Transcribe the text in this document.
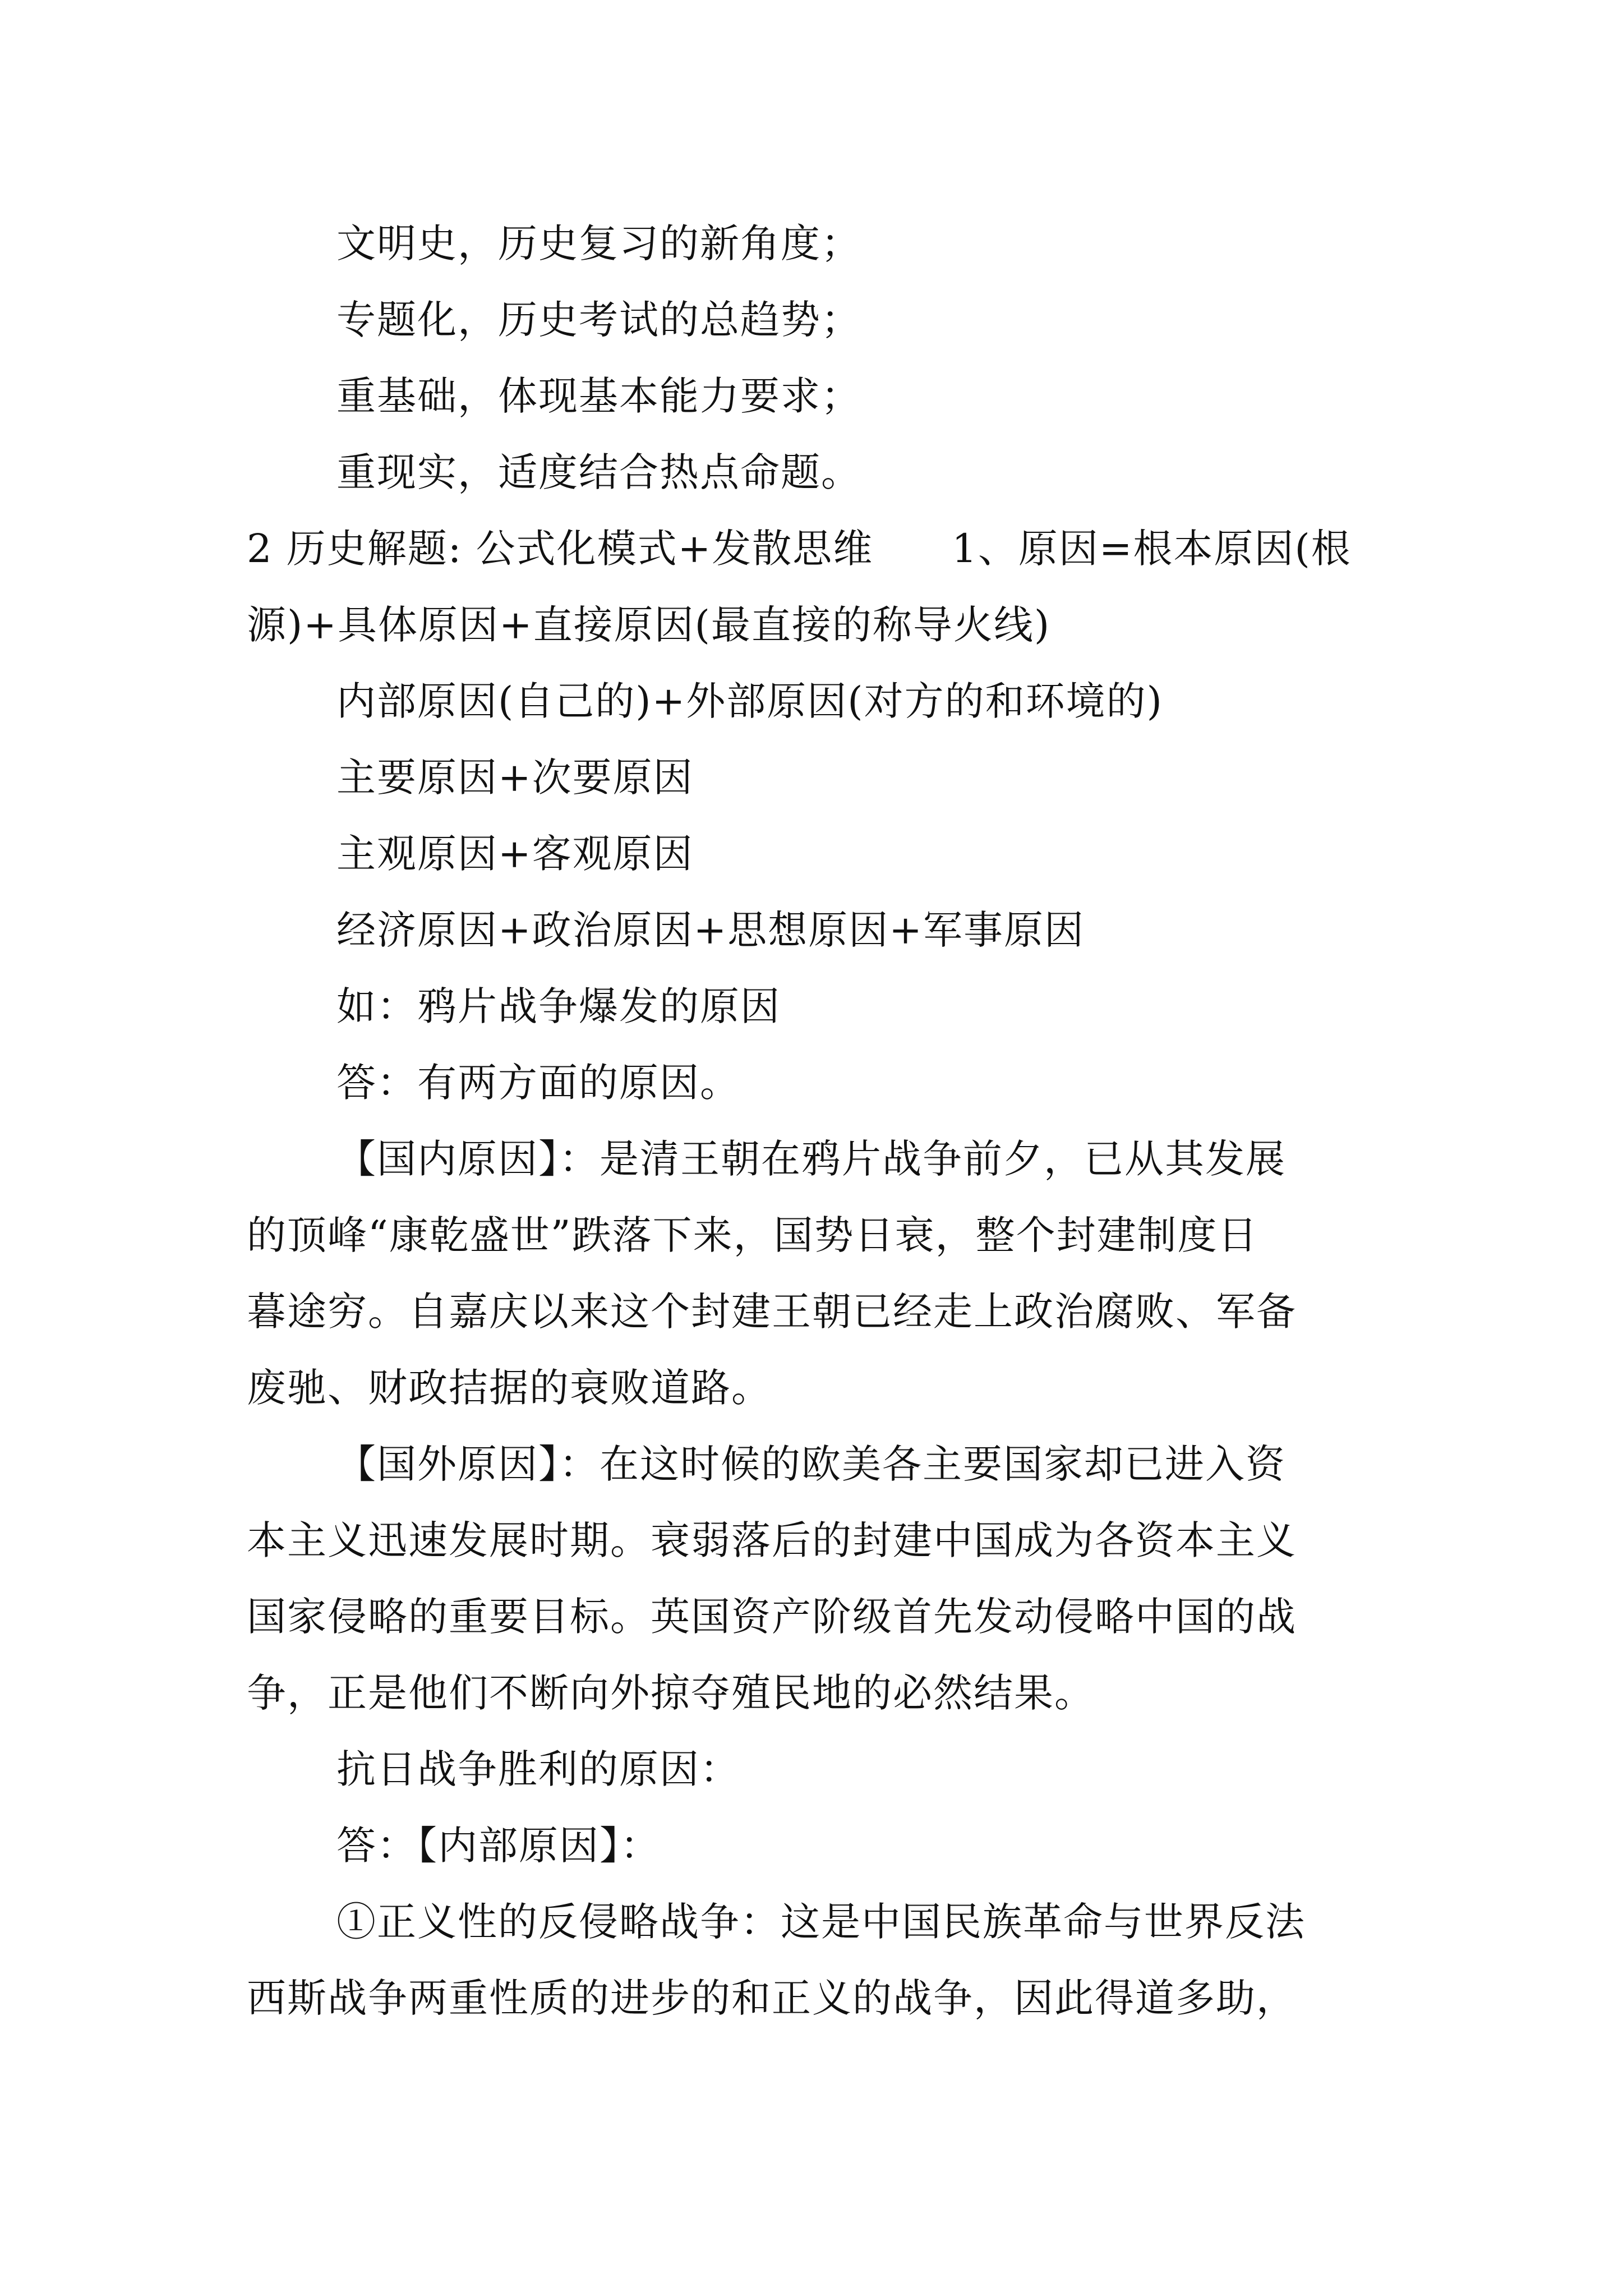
文明史，历史复习的新角度；
专题化，历史考试的总趋势；
重基础，体现基本能力要求；
重现实，适度结合热点命题。
2 历史解题: 公式化模式+发散思维 1、原因=根本原因(根
源)+具体原因+直接原因(最直接的称导火线)
内部原因(自己的)+外部原因(对方的和环境的)
主要原因+次要原因
主观原因+客观原因
经济原因+政治原因+思想原因+军事原因
如：鸦片战争爆发的原因
答：有两方面的原因。
【国内原因】：是清王朝在鸦片战争前夕，已从其发展
的顶峰“康乾盛世”跌落下来，国势日衰，整个封建制度日
暮途穷。自嘉庆以来这个封建王朝已经走上政治腐败、军备
废驰、财政拮据的衰败道路。
【国外原因】：在这时候的欧美各主要国家却已进入资
本主义迅速发展时期。衰弱落后的封建中国成为各资本主义
国家侵略的重要目标。英国资产阶级首先发动侵略中国的战
争，正是他们不断向外掠夺殖民地的必然结果。
抗日战争胜利的原因：
答：【内部原因】：
①正义性的反侵略战争：这是中国民族革命与世界反法
西斯战争两重性质的进步的和正义的战争，因此得道多助，
